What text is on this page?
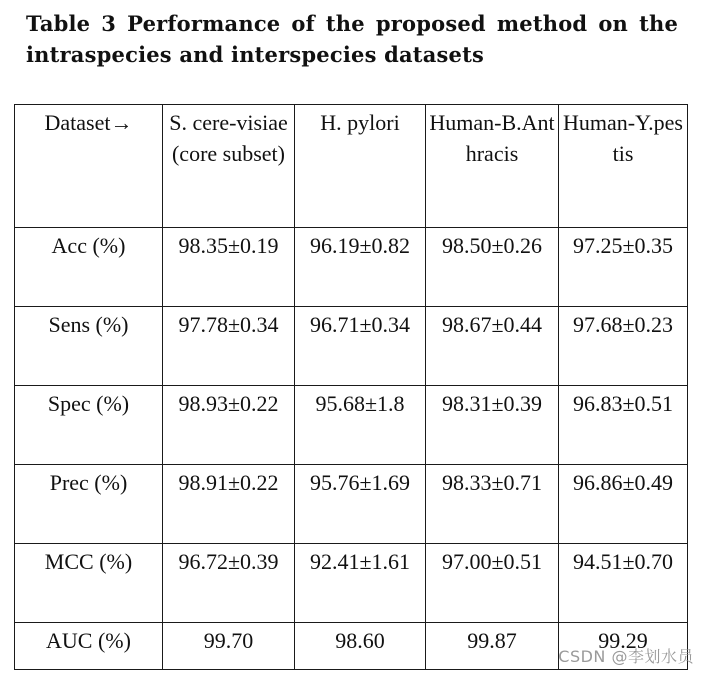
Table 3 Performance of the proposed method on the intraspecies and interspecies datasets

Dataset→	S. cere-visiae (core subset)	H. pylori	Human-B.Anthracis	Human-Y.pestis
Acc (%)	98.35±0.19	96.19±0.82	98.50±0.26	97.25±0.35
Sens (%)	97.78±0.34	96.71±0.34	98.67±0.44	97.68±0.23
Spec (%)	98.93±0.22	95.68±1.8	98.31±0.39	96.83±0.51
Prec (%)	98.91±0.22	95.76±1.69	98.33±0.71	96.86±0.49
MCC (%)	96.72±0.39	92.41±1.61	97.00±0.51	94.51±0.70
AUC (%)	99.70	98.60	99.87	99.29
CSDN @李划水员
